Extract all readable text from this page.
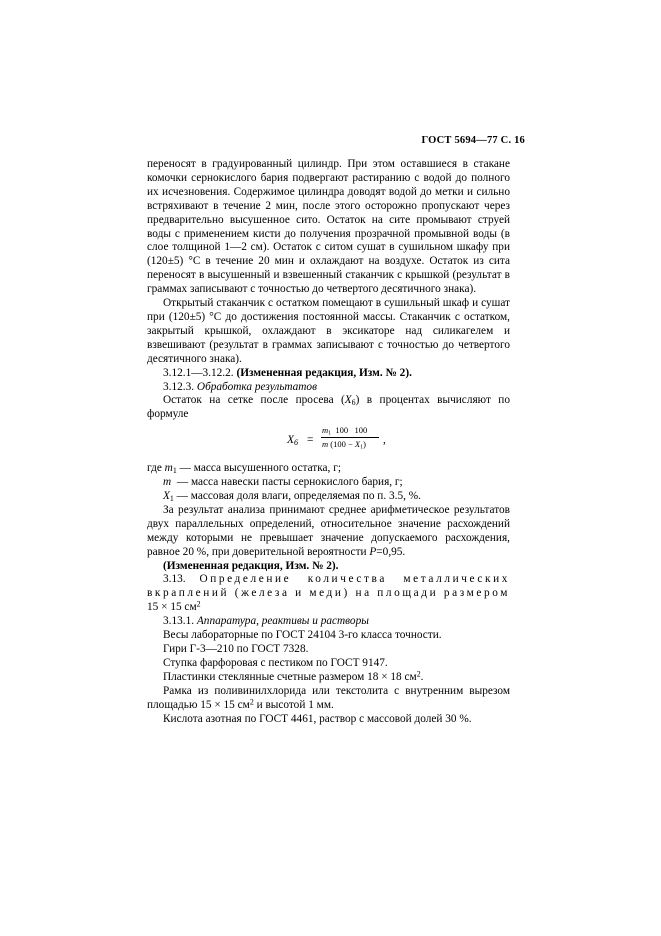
ГОСТ 5694—77 С. 16

переносят в градуированный цилиндр. При этом оставшиеся в стакане комочки сернокислого бария подвергают растиранию с водой до полного их исчезновения. Содержимое цилиндра доводят водой до метки и сильно встряхивают в течение 2 мин, после этого осторожно пропускают через предварительно высушенное сито. Остаток на сите промывают струей воды с применением кисти до получения прозрачной промывной воды (в слое толщиной 1—2 см). Остаток с ситом сушат в сушильном шкафу при (120±5) °С в течение 20 мин и охлаждают на воздухе. Остаток из сита переносят в высушенный и взвешенный стаканчик с крышкой (результат в граммах записывают с точностью до четвертого десятичного знака).

Открытый стаканчик с остатком помещают в сушильный шкаф и сушат при (120±5) °С до достижения постоянной массы. Стаканчик с остатком, закрытый крышкой, охлаждают в эксикаторе над силикагелем и взвешивают (результат в граммах записывают с точностью до четвертого десятичного знака).

3.12.1—3.12.2. (Измененная редакция, Изм. № 2).

3.12.3. Обработка результатов

Остаток на сетке после просева $(X_6)$ в процентах вычисляют по формуле

$X_6$ =
$m_1$  100   100
m $(100 - X_1)$ ,

где $m_1$ — масса высушенного остатка, г;

m  — масса навески пасты сернокислого бария, г;

$X_1$ — массовая доля влаги, определяемая по п. 3.5, %.

За результат анализа принимают среднее арифметическое результатов двух параллельных определений, относительное значение расхождений между которыми не превышает значение допускаемого расхождения, равное 20 %, при доверительной вероятности P=0,95.

(Измененная редакция, Изм. № 2).

3.13. Определение количества металлических вкраплений (железа и меди) на площади размером 15 × 15 $см^2$

3.13.1. Аппаратура, реактивы и растворы

Весы лабораторные по ГОСТ 24104 3-го класса точности.

Гири Г-3—210 по ГОСТ 7328.

Ступка фарфоровая с пестиком по ГОСТ 9147.

Пластинки стеклянные счетные размером 18 × 18 $см^2$.

Рамка из поливинилхлорида или текстолита с внутренним вырезом площадью 15 × 15 $см^2$ и высотой 1 мм.

Кислота азотная по ГОСТ 4461, раствор с массовой долей 30 %.
